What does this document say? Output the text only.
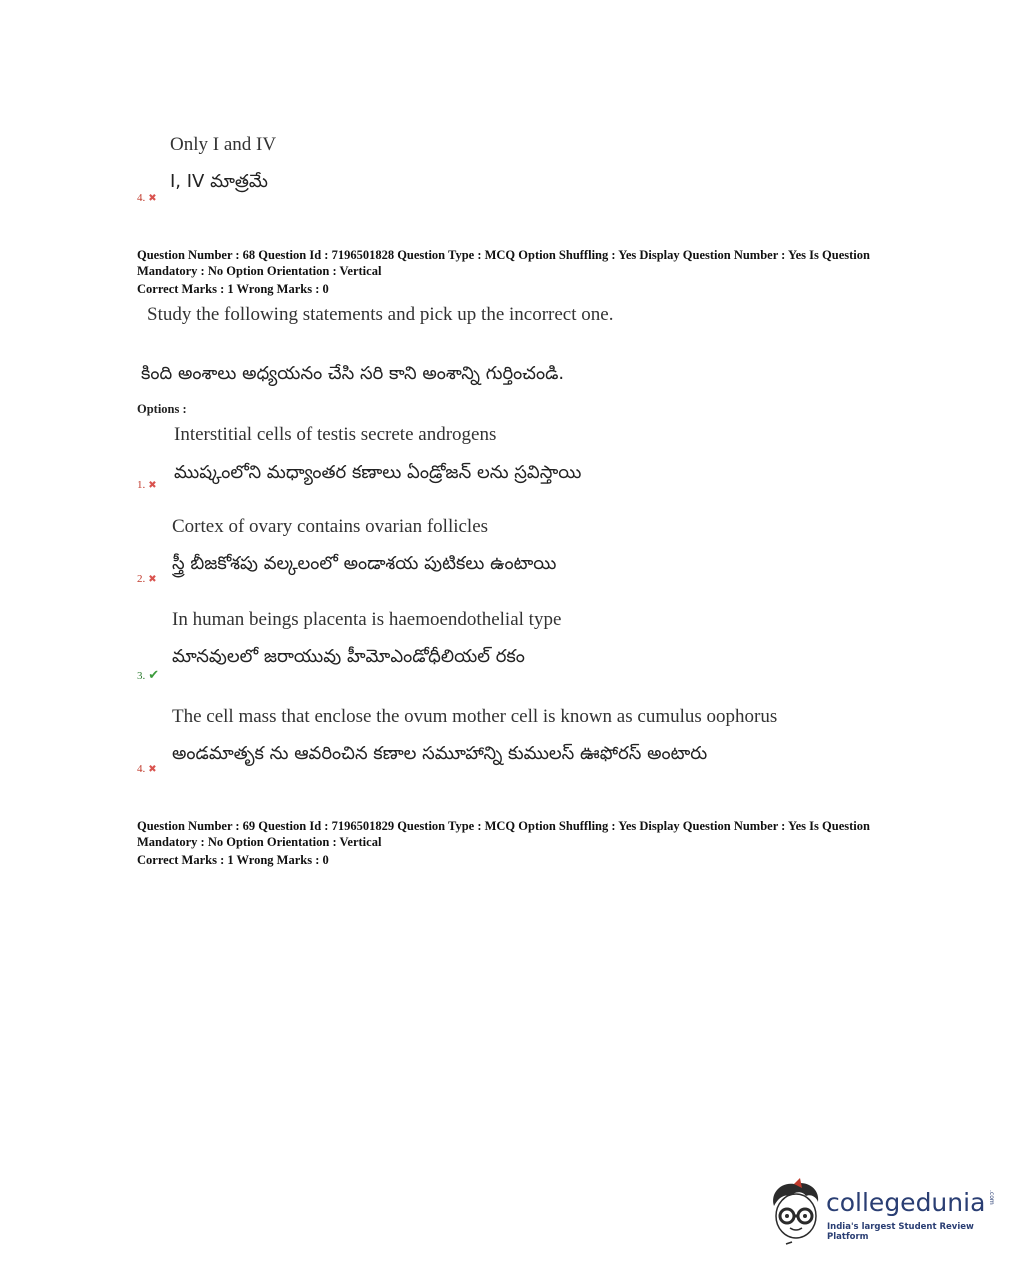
Only I and IV
I, IV మాత్రమే
4. ✖
Question Number : 68 Question Id : 7196501828 Question Type : MCQ Option Shuffling : Yes Display Question Number : Yes Is Question
Mandatory : No Option Orientation : Vertical
Correct Marks : 1 Wrong Marks : 0
Study the following statements and pick up the incorrect one.
కింది అంశాలు అధ్యయనం చేసి సరి కాని అంశాన్ని గుర్తించండి.
Options :
Interstitial cells of testis secrete androgens
ముష్కంలోని మధ్యాంతర కణాలు ఏండ్రోజన్ లను స్రవిస్తాయి
1. ✖
Cortex of ovary contains ovarian follicles
స్త్రీ బీజకోశపు వల్కలంలో అండాశయ పుటికలు ఉంటాయి
2. ✖
In human beings placenta is haemoendothelial type
మానవులలో జరాయువు హీమోఎండోధీలియల్ రకం
3. ✔
The cell mass that enclose the ovum mother cell is known as cumulus oophorus
అండమాతృక ను ఆవరించిన కణాల సమూహాన్ని కుములస్ ఊఫోరస్ అంటారు
4. ✖
Question Number : 69 Question Id : 7196501829 Question Type : MCQ Option Shuffling : Yes Display Question Number : Yes Is Question
Mandatory : No Option Orientation : Vertical
Correct Marks : 1 Wrong Marks : 0
collegedunia .com
India's largest Student Review Platform
